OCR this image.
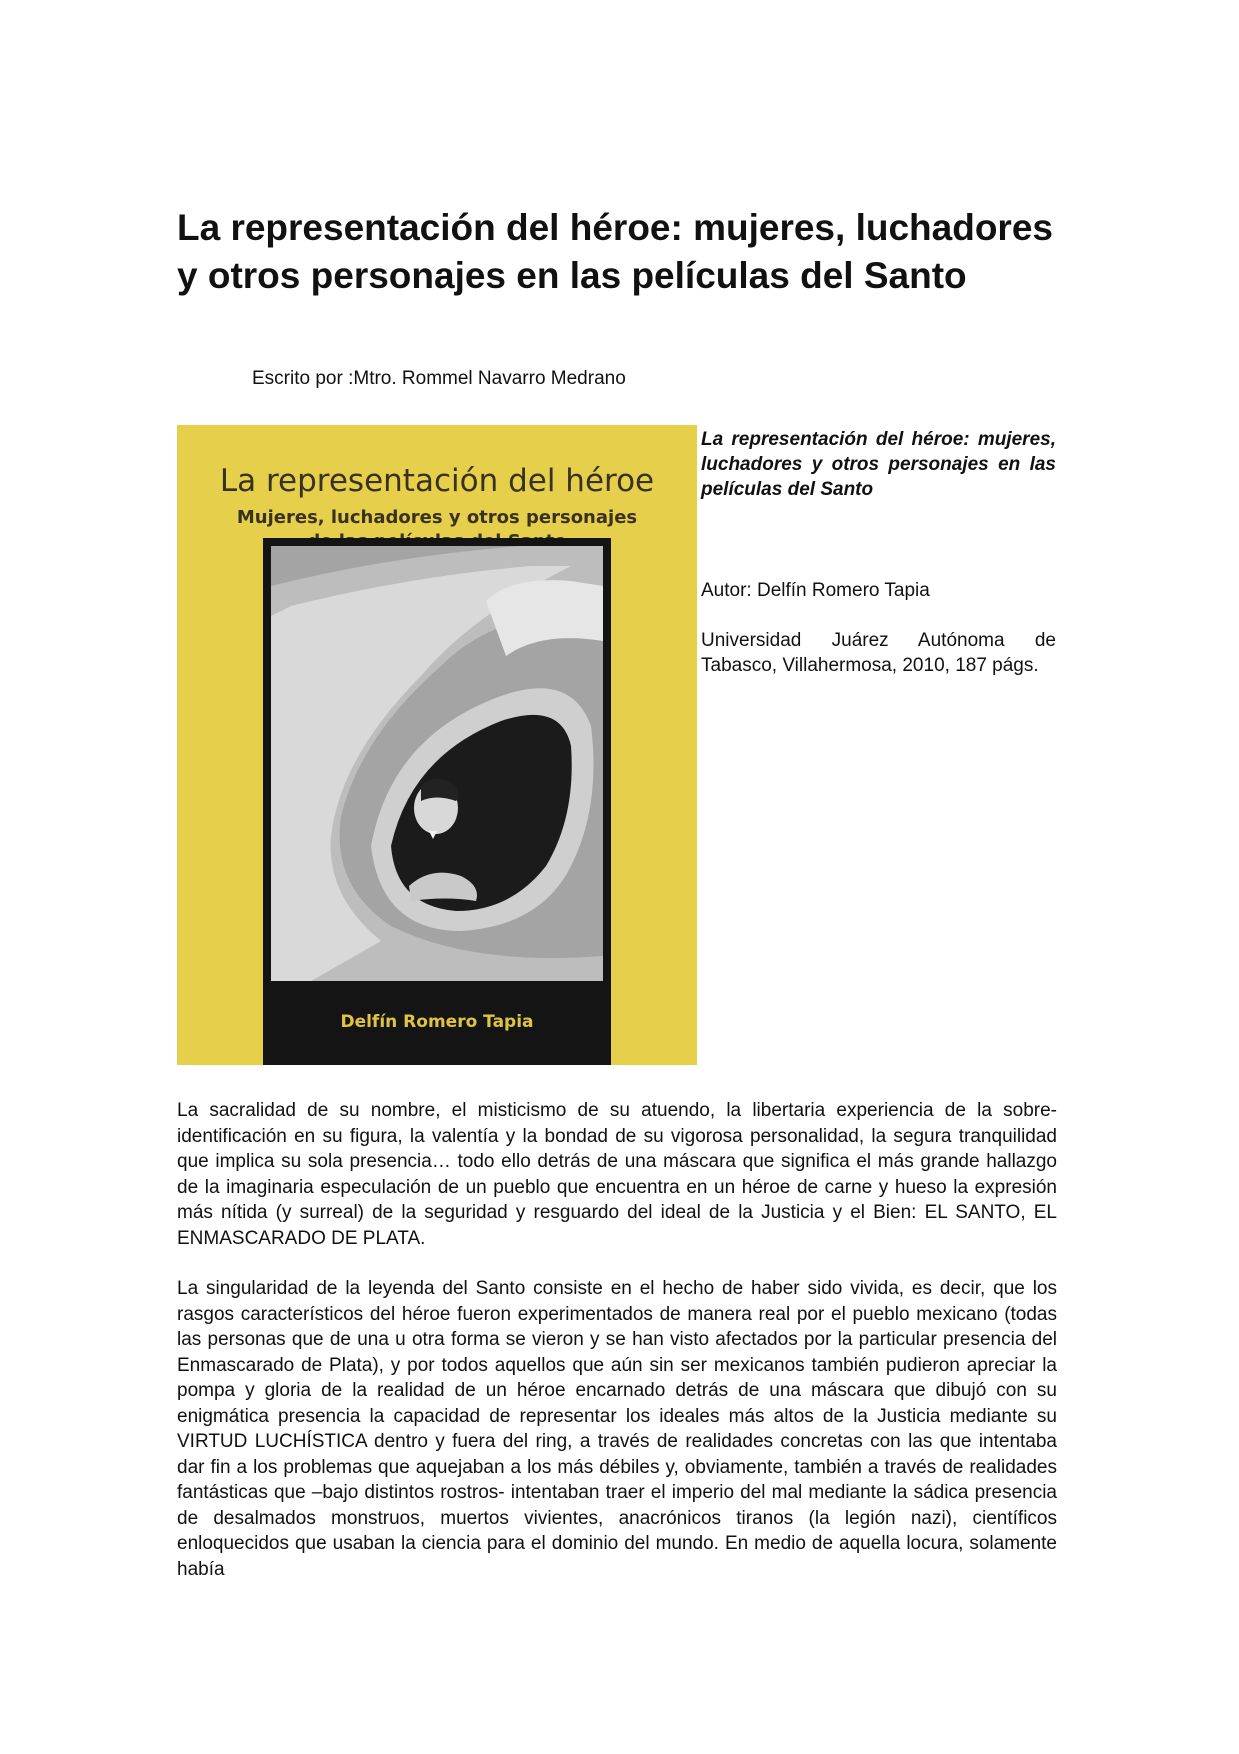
La representación del héroe: mujeres, luchadores y otros personajes en las películas del Santo
Escrito por :Mtro. Rommel Navarro Medrano
La representación del héroe
Mujeres, luchadores y otros personajes
Delfín Romero Tapia

La representación del héroe: mujeres, luchadores y otros personajes en las películas del Santo

Autor: Delfín Romero Tapia

Universidad Juárez Autónoma de Tabasco, Villahermosa, 2010, 187 págs.

La sacralidad de su nombre, el misticismo de su atuendo, la libertaria experiencia de la sobre-identificación en su figura, la valentía y la bondad de su vigorosa personalidad, la segura tranquilidad que implica su sola presencia… todo ello detrás de una máscara que significa el más grande hallazgo de la imaginaria especulación de un pueblo que encuentra en un héroe de carne y hueso la expresión más nítida (y surreal) de la seguridad y resguardo del ideal de la Justicia y el Bien: EL SANTO, EL ENMASCARADO DE PLATA.

La singularidad de la leyenda del Santo consiste en el hecho de haber sido vivida, es decir, que los rasgos característicos del héroe fueron experimentados de manera real por el pueblo mexicano (todas las personas que de una u otra forma se vieron y se han visto afectados por la particular presencia del Enmascarado de Plata), y por todos aquellos que aún sin ser mexicanos también pudieron apreciar la pompa y gloria de la realidad de un héroe encarnado detrás de una máscara que dibujó con su enigmática presencia la capacidad de representar los ideales más altos de la Justicia mediante su VIRTUD LUCHÍSTICA dentro y fuera del ring, a través de realidades concretas con las que intentaba dar fin a los problemas que aquejaban a los más débiles y, obviamente, también a través de realidades fantásticas que –bajo distintos rostros- intentaban traer el imperio del mal mediante la sádica presencia de desalmados monstruos, muertos vivientes, anacrónicos tiranos (la legión nazi), científicos enloquecidos que usaban la ciencia para el dominio del mundo. En medio de aquella locura, solamente había
